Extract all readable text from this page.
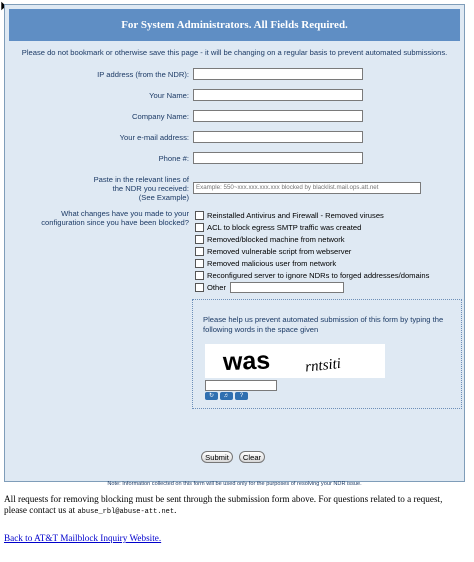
For System Administrators. All Fields Required.
Please do not bookmark or otherwise save this page - it will be changing on a regular basis to prevent automated submissions.
IP address (from the NDR):
Your Name:
Company Name:
Your e-mail address:
Phone #:
Paste in the relevant lines of
the NDR you received:
(See Example)
Example: 550~xxx.xxx.xxx.xxx blocked by blacklist.mail.ops.att.net
What changes have you made to your
configuration since you have been blocked?
Reinstalled Antivirus and Firewall - Removed viruses
ACL to block egress SMTP traffic was created
Removed/blocked machine from network
Removed vulnerable script from webserver
Removed malicious user from network
Reconfigured server to ignore NDRs to forged addresses/domains
Other
Please help us prevent automated submission of this form by typing the following words in the space given
was rntsiti
↻	♬	?
Submit	Clear
Note: Information collected on this form will be used only for the purposes of resolving your NDR issue.
All requests for removing blocking must be sent through the submission form above. For questions related to a request, please contact us at abuse_rbl@abuse-att.net.
Back to AT&T Mailblock Inquiry Website.
